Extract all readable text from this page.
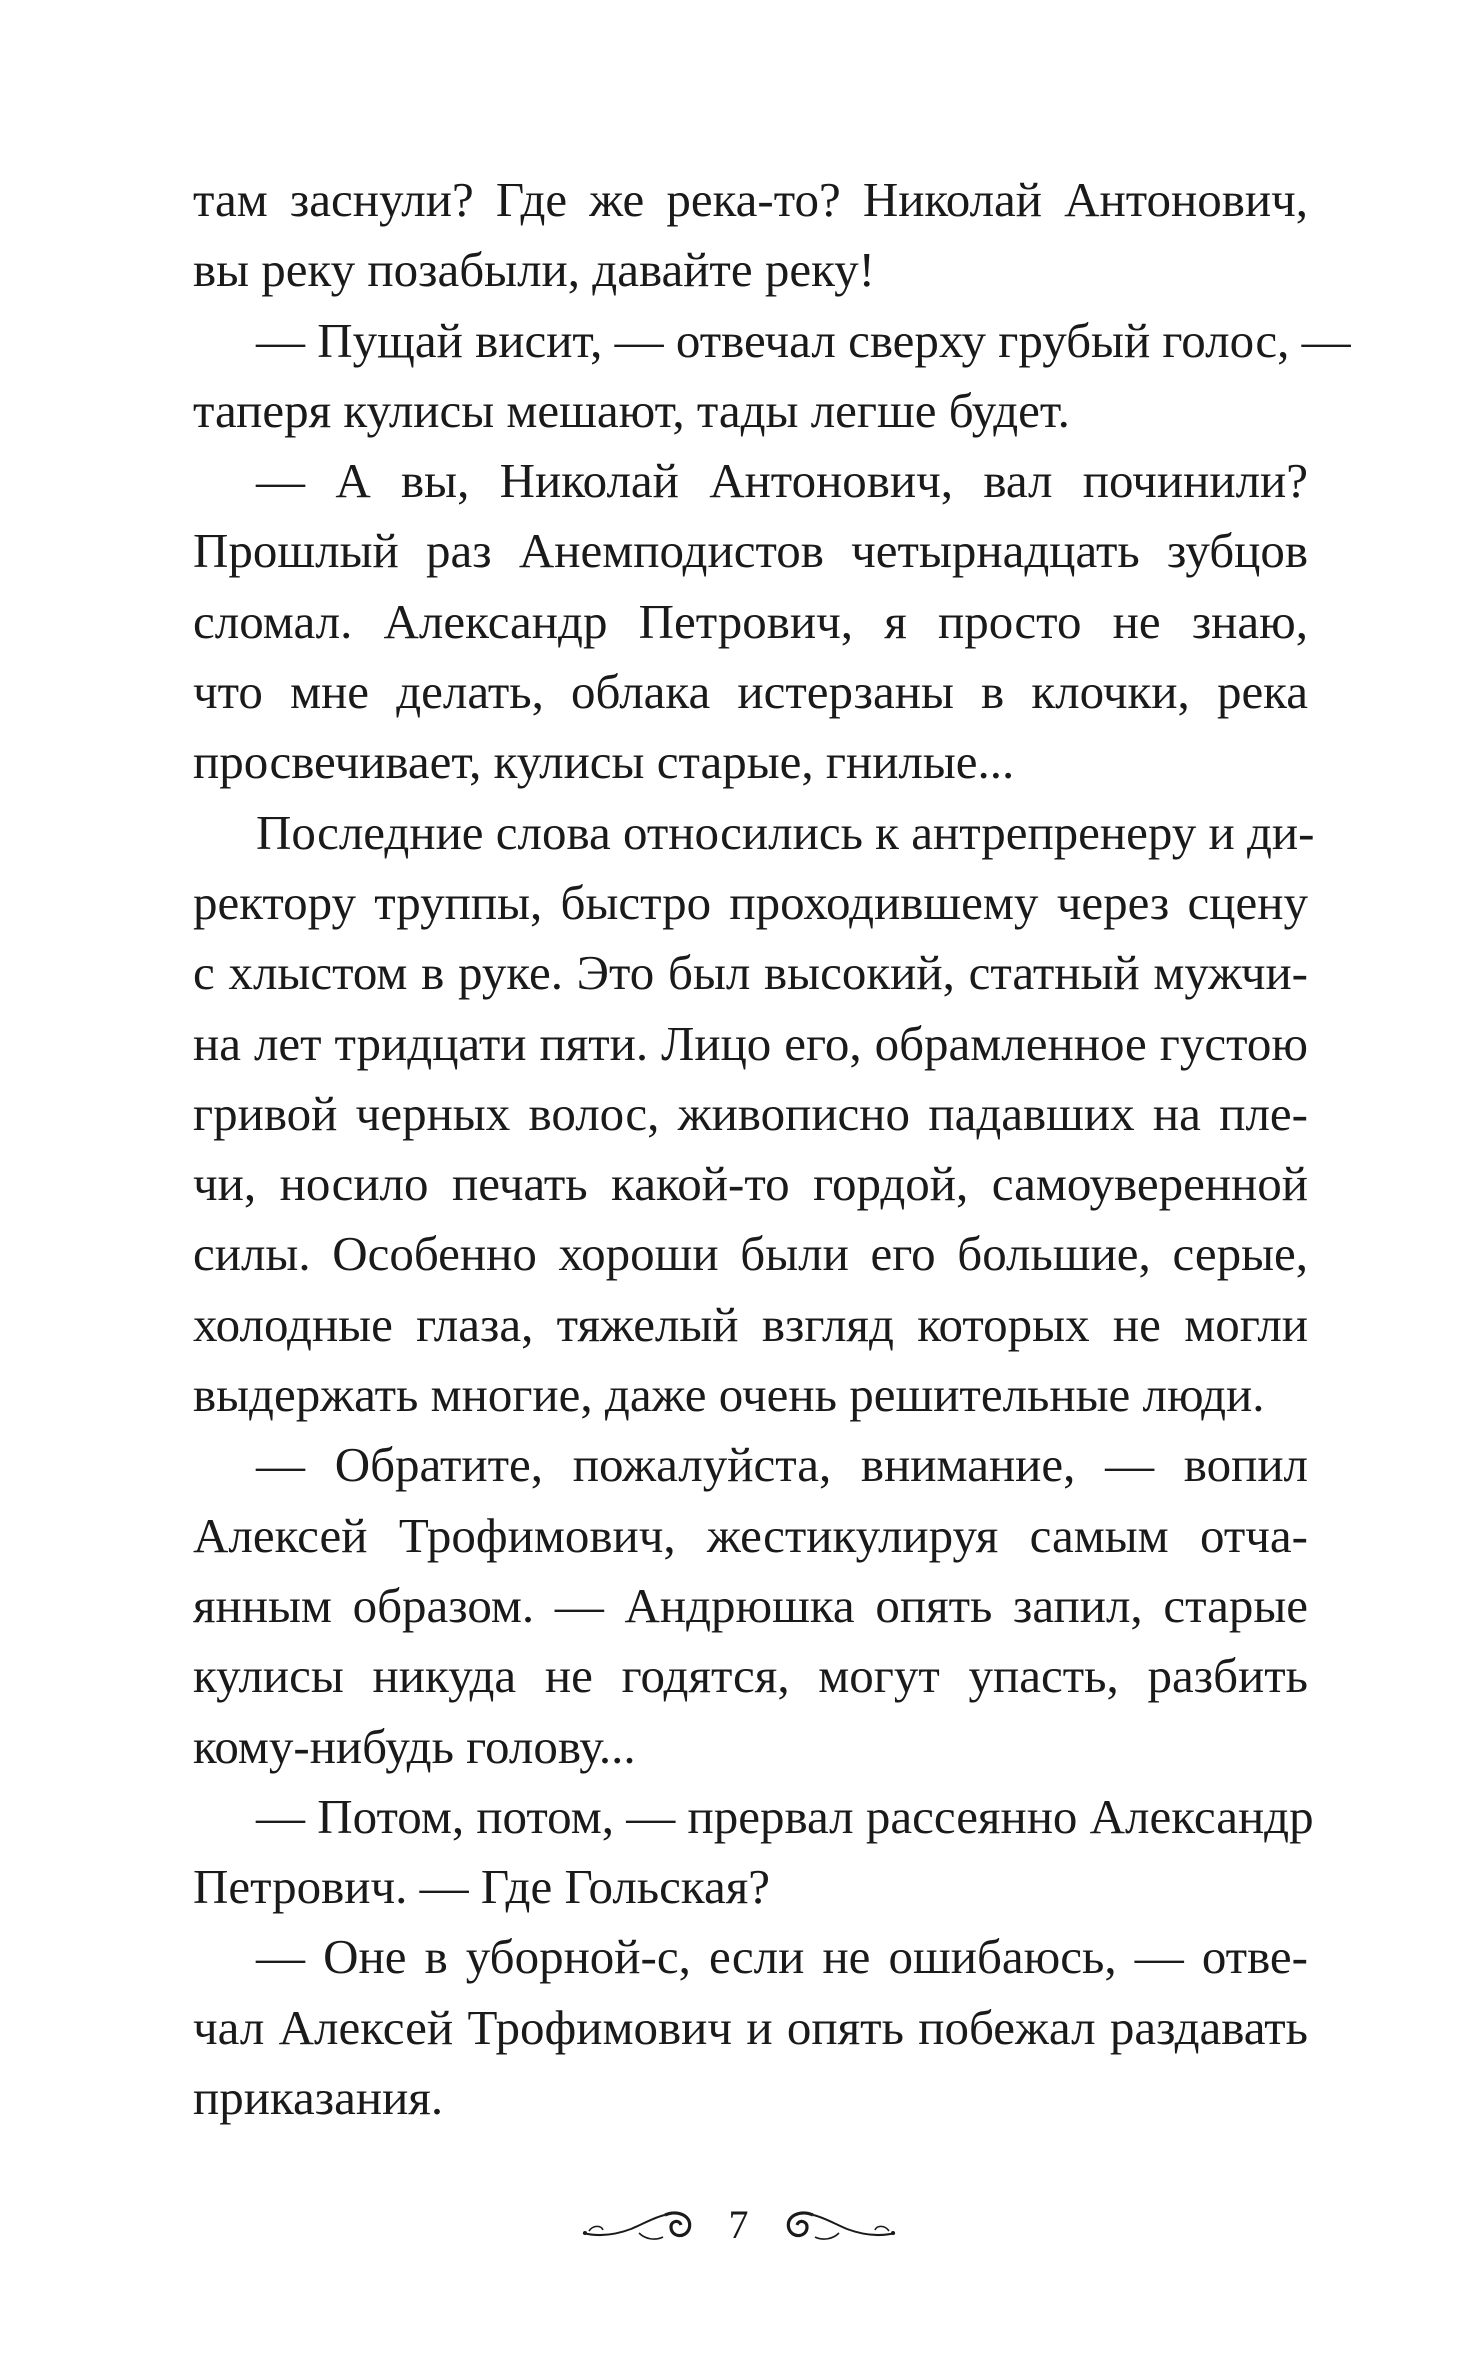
там заснули? Где же река-то? Николай Антонович,
вы реку позабыли, давайте реку!
— Пущай висит, — отвечал сверху грубый голос, —
таперя кулисы мешают, тады легше будет.
— А вы, Николай Антонович, вал починили?
Прошлый раз Анемподистов четырнадцать зубцов
сломал. Александр Петрович, я просто не знаю,
что мне делать, облака истерзаны в клочки, река
просвечивает, кулисы старые, гнилые...
Последние слова относились к антрепренеру и ди-
ректору труппы, быстро проходившему через сцену
с хлыстом в руке. Это был высокий, статный мужчи-
на лет тридцати пяти. Лицо его, обрамленное густою
гривой черных волос, живописно падавших на пле-
чи, носило печать какой-то гордой, самоуверенной
силы. Особенно хороши были его большие, серые,
холодные глаза, тяжелый взгляд которых не могли
выдержать многие, даже очень решительные люди.
— Обратите, пожалуйста, внимание, — вопил
Алексей Трофимович, жестикулируя самым отча-
янным образом. — Андрюшка опять запил, старые
кулисы никуда не годятся, могут упасть, разбить
кому-нибудь голову...
— Потом, потом, — прервал рассеянно Александр
Петрович. — Где Гольская?
— Оне в уборной-с, если не ошибаюсь, — отве-
чал Алексей Трофимович и опять побежал раздавать
приказания.
7
